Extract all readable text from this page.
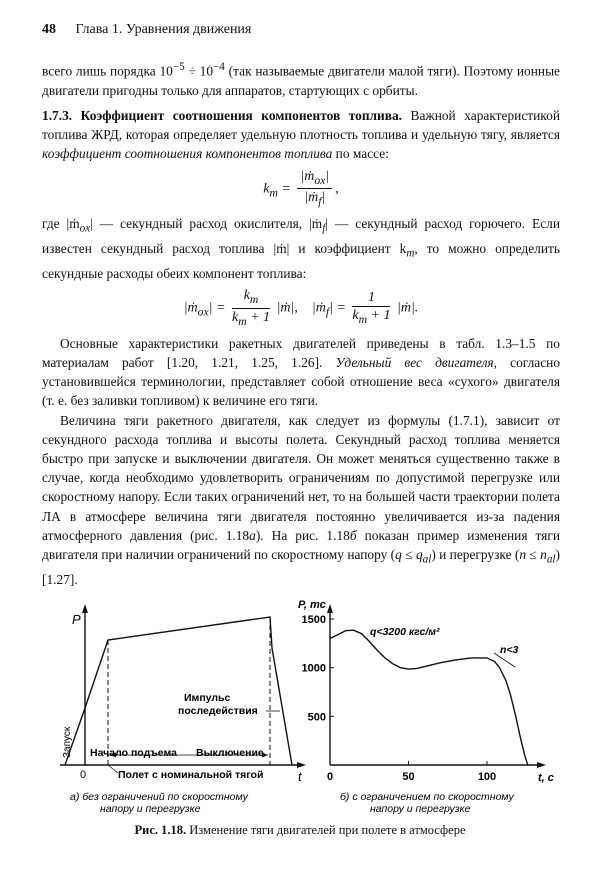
48 Глава 1. Уравнения движения

всего лишь порядка $10^{-5} \div 10^{-4}$ (так называемые двигатели малой тяги). Поэтому ионные двигатели пригодны только для аппаратов, стартующих с орбиты.

1.7.3. Коэффициент соотношения компонентов топлива. Важной характеристикой топлива ЖРД, которая определяет удельную плотность топлива и удельную тягу, является коэффициент соотношения компонентов топлива по массе:

$k_m = \frac{|ṁ_{ox}|}{|ṁ_f|}$ ,

где |ṁ$_{ox}$| — секундный расход окислителя, |ṁ$_f$| — секундный расход горючего. Если известен секундный расход топлива |ṁ| и коэффициент $k_m$, то можно определить секундные расходы обеих компонент топлива:

|ṁ$_{ox}$| = $\frac{k_m}{k_m + 1}$ |ṁ|,    |ṁ$_f$| = $\frac{1}{k_m + 1}$ |ṁ|.

Основные характеристики ракетных двигателей приведены в табл. 1.3–1.5 по материалам работ [1.20, 1.21, 1.25, 1.26]. Удельный вес двигателя, согласно установившейся терминологии, представляет собой отношение веса «сухого» двигателя (т. е. без заливки топливом) к величине его тяги.

Величина тяги ракетного двигателя, как следует из формулы (1.7.1), зависит от секундного расхода топлива и высоты полета. Секундный расход топлива меняется быстро при запуске и выключении двигателя. Он может меняться существенно также в случае, когда необходимо удовлетворить ограничениям по допустимой перегрузке или скоростному напору. Если таких ограничений нет, то на большей части траектории полета ЛА в атмосфере величина тяги двигателя постоянно увеличивается из-за падения атмосферного давления (рис. 1.18а). На рис. 1.18б показан пример изменения тяги двигателя при наличии ограничений по скоростному напору $(q \le q_{al})$ и перегрузке $(n \le n_{al})$ [1.27].

P
t
0
Запуск
Импульс
последействия
Начало подъема Выключение
Полет с номинальной тягой
а) без ограничений по скоростному
напору и перегрузке
P, тс
t, с
0	50	100
500
1000
1500
q<3200 кгс/м²
n<3
б) с ограничением по скоростному
напору и перегрузке
Рис. 1.18. Изменение тяги двигателей при полете в атмосфере
